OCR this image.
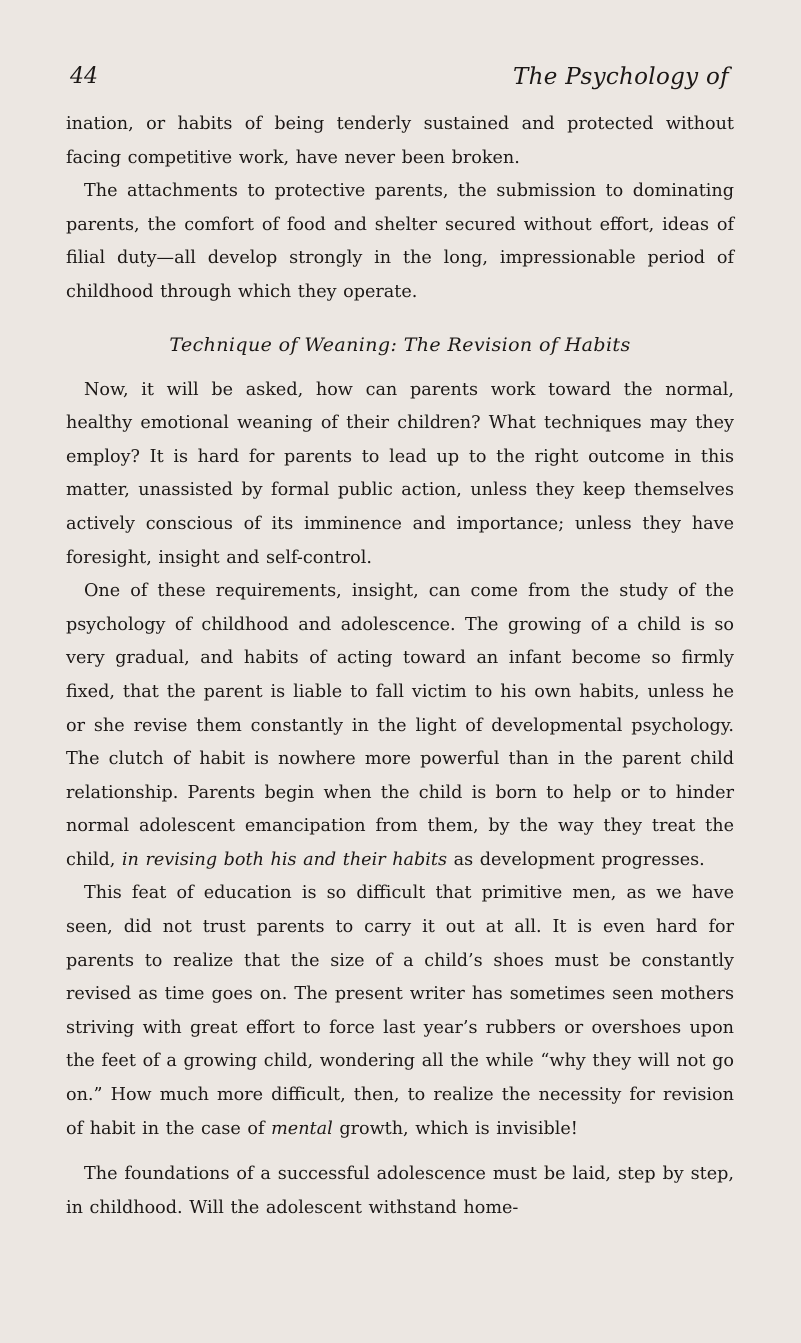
44	The Psychology of

ination, or habits of being tenderly sustained and protected without facing competitive work, have never been broken.

The attachments to protective parents, the submission to dominating parents, the comfort of food and shelter secured without effort, ideas of filial duty—all develop strongly in the long, impressionable period of childhood through which they operate.

Technique of Weaning: The Revision of Habits

Now, it will be asked, how can parents work toward the normal, healthy emotional weaning of their children? What techniques may they employ? It is hard for parents to lead up to the right outcome in this matter, unassisted by formal public action, unless they keep themselves actively conscious of its imminence and importance; unless they have foresight, insight and self-control.

One of these requirements, insight, can come from the study of the psychology of childhood and adolescence. The growing of a child is so very gradual, and habits of acting toward an infant become so firmly fixed, that the parent is liable to fall victim to his own habits, unless he or she revise them constantly in the light of developmental psychology. The clutch of habit is nowhere more powerful than in the parent child relationship. Parents begin when the child is born to help or to hinder normal adolescent emancipation from them, by the way they treat the child, in revising both his and their habits as development progresses.

This feat of education is so difficult that primitive men, as we have seen, did not trust parents to carry it out at all. It is even hard for parents to realize that the size of a child’s shoes must be constantly revised as time goes on. The present writer has sometimes seen mothers striving with great effort to force last year’s rubbers or overshoes upon the feet of a growing child, wondering all the while “why they will not go on.” How much more difficult, then, to realize the necessity for revision of habit in the case of mental growth, which is invisible!

The foundations of a successful adolescence must be laid, step by step, in childhood. Will the adolescent withstand home-
